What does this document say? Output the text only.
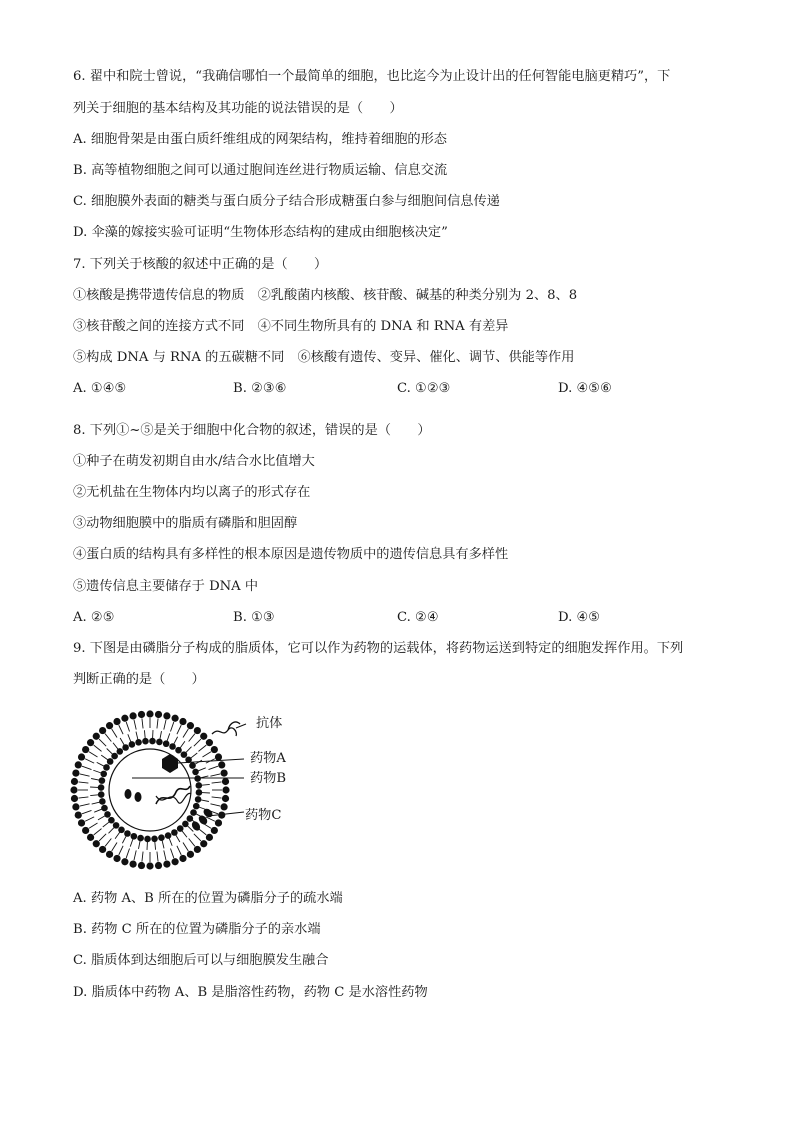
6. 翟中和院士曾说，“我确信哪怕一个最简单的细胞，也比迄今为止设计出的任何智能电脑更精巧”，下
列关于细胞的基本结构及其功能的说法错误的是（　　）
A. 细胞骨架是由蛋白质纤维组成的网架结构，维持着细胞的形态
B. 高等植物细胞之间可以通过胞间连丝进行物质运输、信息交流
C. 细胞膜外表面的糖类与蛋白质分子结合形成糖蛋白参与细胞间信息传递
D. 伞藻的嫁接实验可证明“生物体形态结构的建成由细胞核决定”
7. 下列关于核酸的叙述中正确的是（　　）
①核酸是携带遗传信息的物质　②乳酸菌内核酸、核苷酸、碱基的种类分别为 2、8、8
③核苷酸之间的连接方式不同　④不同生物所具有的 DNA 和 RNA 有差异
⑤构成 DNA 与 RNA 的五碳糖不同　⑥核酸有遗传、变异、催化、调节、供能等作用
A. ①④⑤	B. ②③⑥	C. ①②③	D. ④⑤⑥
8. 下列①~⑤是关于细胞中化合物的叙述，错误的是（　　）
①种子在萌发初期自由水/结合水比值增大
②无机盐在生物体内均以离子的形式存在
③动物细胞膜中的脂质有磷脂和胆固醇
④蛋白质的结构具有多样性的根本原因是遗传物质中的遗传信息具有多样性
⑤遗传信息主要储存于 DNA 中
A. ②⑤	B. ①③	C. ②④	D. ④⑤
9. 下图是由磷脂分子构成的脂质体，它可以作为药物的运载体，将药物运送到特定的细胞发挥作用。下列
判断正确的是（　　）
抗体
药物A
药物B
药物C
A. 药物 A、B 所在的位置为磷脂分子的疏水端
B. 药物 C 所在的位置为磷脂分子的亲水端
C. 脂质体到达细胞后可以与细胞膜发生融合
D. 脂质体中药物 A、B 是脂溶性药物，药物 C 是水溶性药物
